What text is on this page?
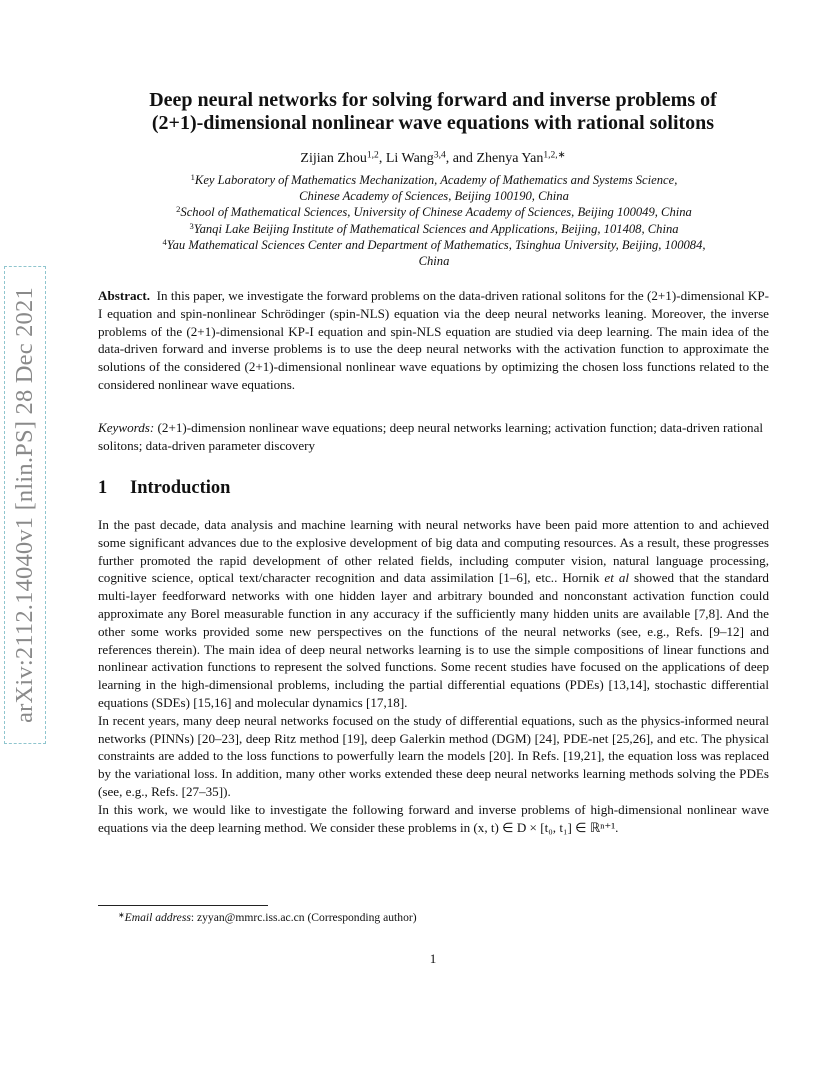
arXiv:2112.14040v1 [nlin.PS] 28 Dec 2021
Deep neural networks for solving forward and inverse problems of
(2+1)-dimensional nonlinear wave equations with rational solitons
Zijian Zhou$^{1,2}$, Li Wang$^{3,4}$, and Zhenya Yan$^{1,2,∗}$
$^1$Key Laboratory of Mathematics Mechanization, Academy of Mathematics and Systems Science,
Chinese Academy of Sciences, Beijing 100190, China
$^2$School of Mathematical Sciences, University of Chinese Academy of Sciences, Beijing 100049, China
$^3$Yanqi Lake Beijing Institute of Mathematical Sciences and Applications, Beijing, 101408, China
$^4$Yau Mathematical Sciences Center and Department of Mathematics, Tsinghua University, Beijing, 100084,
China
Abstract. In this paper, we investigate the forward problems on the data-driven rational solitons for the (2+1)-dimensional KP-I equation and spin-nonlinear Schrödinger (spin-NLS) equation via the deep neural networks leaning. Moreover, the inverse problems of the (2+1)-dimensional KP-I equation and spin-NLS equation are studied via deep learning. The main idea of the data-driven forward and inverse problems is to use the deep neural networks with the activation function to approximate the solutions of the considered (2+1)-dimensional nonlinear wave equations by optimizing the chosen loss functions related to the considered nonlinear wave equations.
Keywords: (2+1)-dimension nonlinear wave equations; deep neural networks learning; activation function; data-driven rational solitons; data-driven parameter discovery
1 Introduction

In the past decade, data analysis and machine learning with neural networks have been paid more attention to and achieved some significant advances due to the explosive development of big data and computing resources. As a result, these progresses further promoted the rapid development of other related fields, including computer vision, natural language processing, cognitive science, optical text/character recognition and data assimilation [1–6], etc.. Hornik et al showed that the standard multi-layer feedforward networks with one hidden layer and arbitrary bounded and nonconstant activation function could approximate any Borel measurable function in any accuracy if the sufficiently many hidden units are available [7,8]. And the other some works provided some new perspectives on the functions of the neural networks (see, e.g., Refs. [9–12] and references therein). The main idea of deep neural networks learning is to use the simple compositions of linear functions and nonlinear activation functions to represent the solved functions. Some recent studies have focused on the applications of deep learning in the high-dimensional problems, including the partial differential equations (PDEs) [13,14], stochastic differential equations (SDEs) [15,16] and molecular dynamics [17,18].

In recent years, many deep neural networks focused on the study of differential equations, such as the physics-informed neural networks (PINNs) [20–23], deep Ritz method [19], deep Galerkin method (DGM) [24], PDE-net [25,26], and etc. The physical constraints are added to the loss functions to powerfully learn the models [20]. In Refs. [19,21], the equation loss was replaced by the variational loss. In addition, many other works extended these deep neural networks learning methods solving the PDEs (see, e.g., Refs. [27–35]).

In this work, we would like to investigate the following forward and inverse problems of high-dimensional nonlinear wave equations via the deep learning method. We consider these problems in (x, t) ∈ D × [t₀, t₁] ∈ ℝⁿ⁺¹.

∗Email address: zyyan@mmrc.iss.ac.cn (Corresponding author)
1
